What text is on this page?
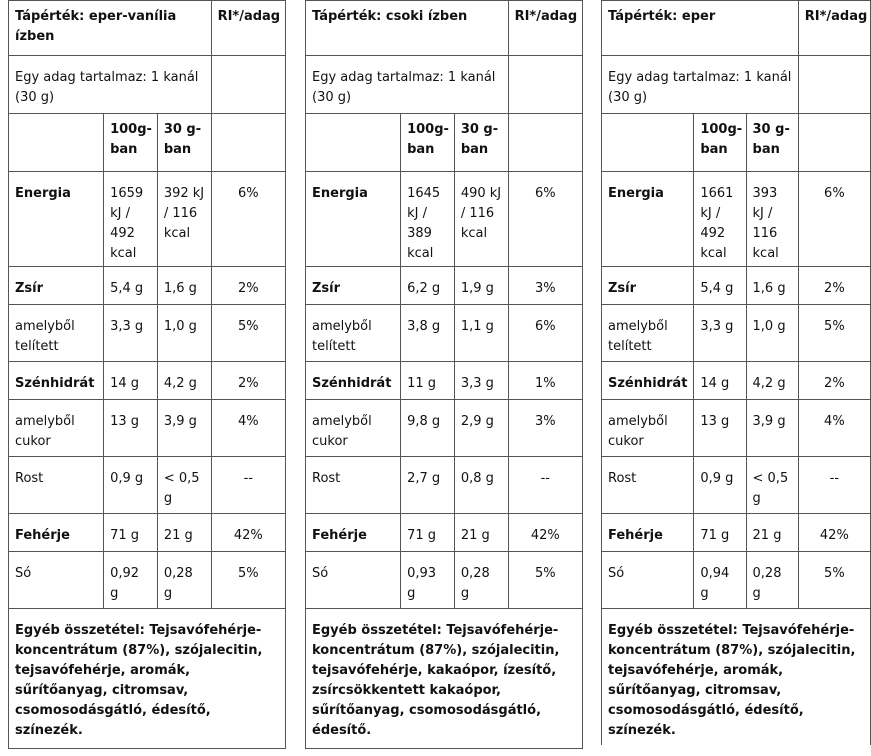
Tápérték: eper-vanília ízben			RI*/adag
Egy adag tartalmaz: 1 kanál (30 g)			
	100g-ban	30 g-ban	
Energia	1659 kJ / 492 kcal	392 kJ / 116 kcal	6%
Zsír	5,4 g	1,6 g	2%
amelyből telített	3,3 g	1,0 g	5%
Szénhidrát	14 g	4,2 g	2%
amelyből cukor	13 g	3,9 g	4%
Rost	0,9 g	< 0,5 g	--
Fehérje	71 g	21 g	42%
Só	0,92 g	0,28 g	5%
Egyéb összetétel: Tejsavófehérje-koncentrátum (87%), szójalecitin, tejsavófehérje, aromák, sűrítőanyag, citromsav, csomosodásgátló, édesítő, színezék.			
Tápérték: csoki ízben			RI*/adag
Egy adag tartalmaz: 1 kanál (30 g)			
	100g-ban	30 g-ban	
Energia	1645 kJ / 389 kcal	490 kJ / 116 kcal	6%
Zsír	6,2 g	1,9 g	3%
amelyből telített	3,8 g	1,1 g	6%
Szénhidrát	11 g	3,3 g	1%
amelyből cukor	9,8 g	2,9 g	3%
Rost	2,7 g	0,8 g	--
Fehérje	71 g	21 g	42%
Só	0,93 g	0,28 g	5%
Egyéb összetétel: Tejsavófehérje-koncentrátum (87%), szójalecitin, tejsavófehérje, kakaópor, ízesítő, zsírcsökkentett kakaópor, sűrítőanyag, csomosodásgátló, édesítő.			
Tápérték: eper			RI*/adag
Egy adag tartalmaz: 1 kanál (30 g)			
	100g-ban	30 g-ban	
Energia	1661 kJ / 492 kcal	393 kJ / 116 kcal	6%
Zsír	5,4 g	1,6 g	2%
amelyből telített	3,3 g	1,0 g	5%
Szénhidrát	14 g	4,2 g	2%
amelyből cukor	13 g	3,9 g	4%
Rost	0,9 g	< 0,5 g	--
Fehérje	71 g	21 g	42%
Só	0,94 g	0,28 g	5%
Egyéb összetétel: Tejsavófehérje-koncentrátum (87%), szójalecitin, tejsavófehérje, aromák, sűrítőanyag, citromsav, csomosodásgátló, édesítő, színezék.			
